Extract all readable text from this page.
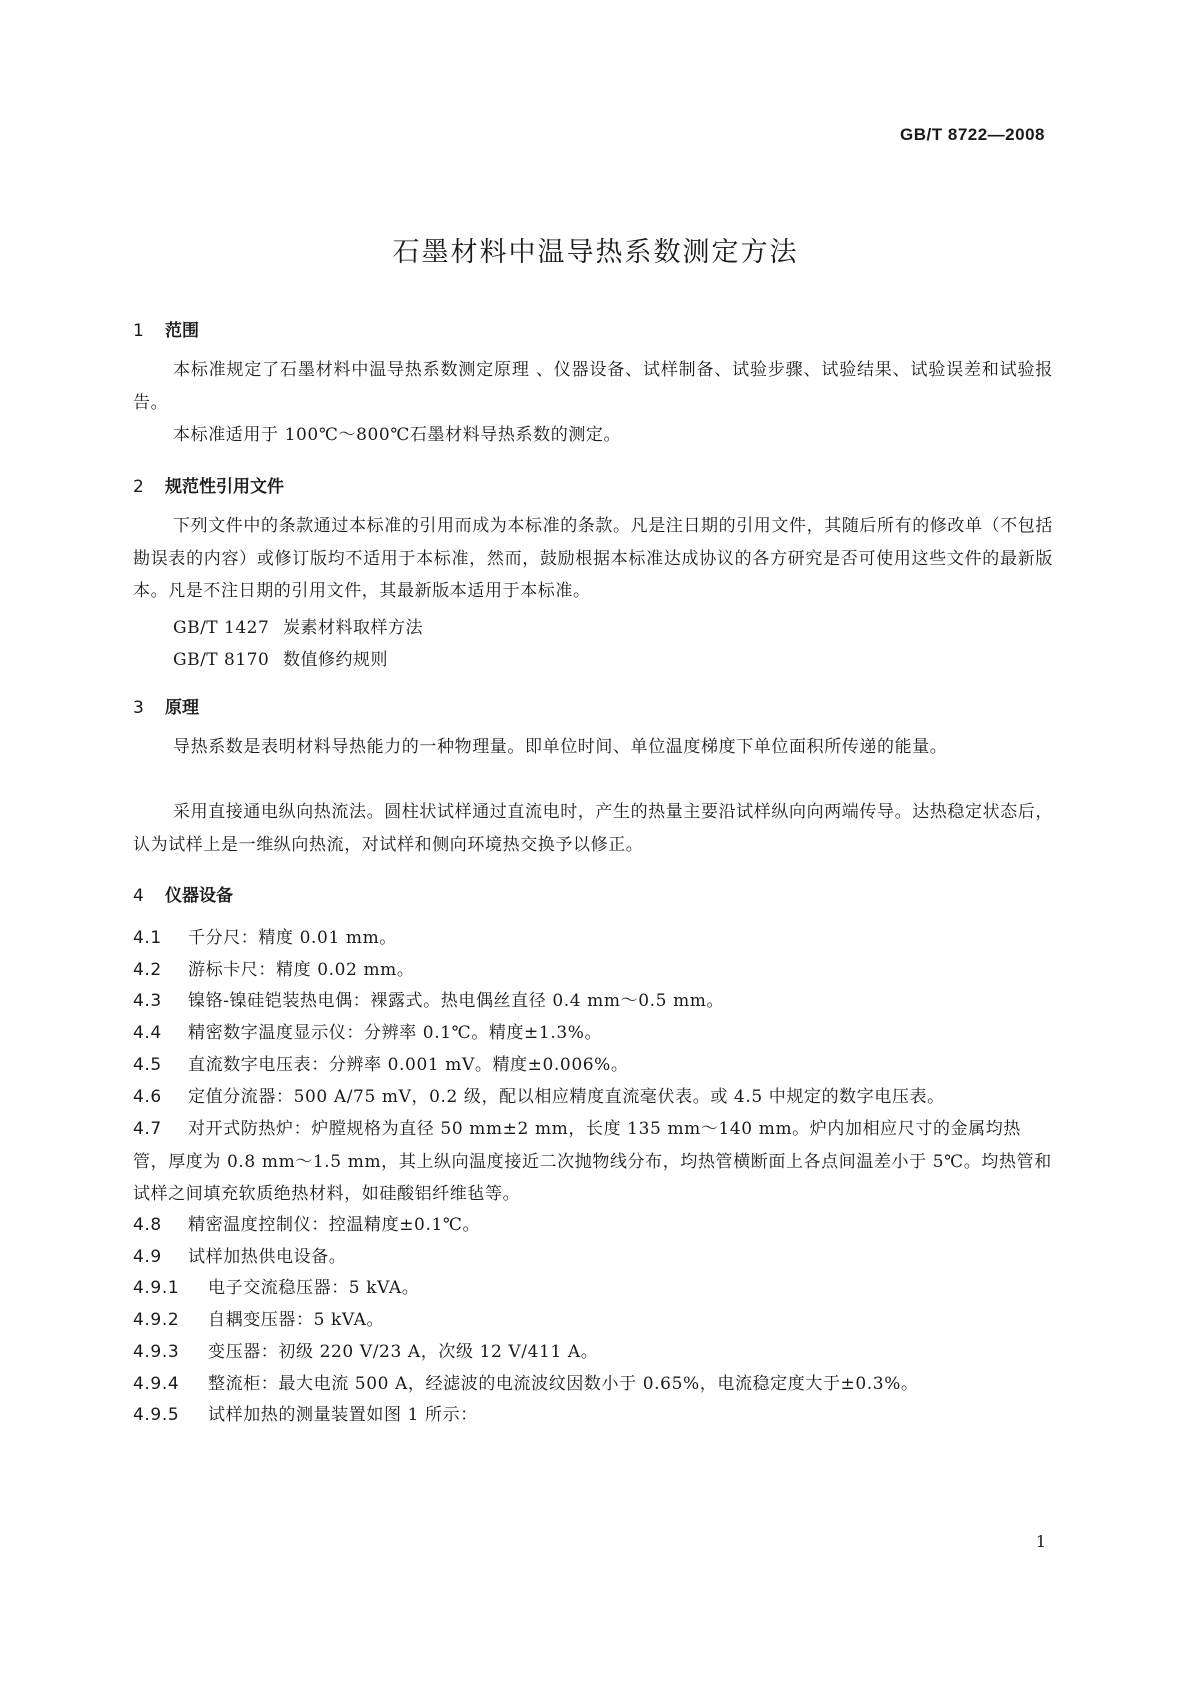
GB/T 8722—2008
石墨材料中温导热系数测定方法
1 范围
本标准规定了石墨材料中温导热系数测定原理 、仪器设备、试样制备、试验步骤、试验结果、试验误差和试验报告。
本标准适用于 100℃～800℃石墨材料导热系数的测定。
2 规范性引用文件
下列文件中的条款通过本标准的引用而成为本标准的条款。凡是注日期的引用文件，其随后所有的修改单（不包括勘误表的内容）或修订版均不适用于本标准，然而，鼓励根据本标准达成协议的各方研究是否可使用这些文件的最新版本。凡是不注日期的引用文件，其最新版本适用于本标准。
GB/T 1427 炭素材料取样方法
GB/T 8170 数值修约规则
3 原理
导热系数是表明材料导热能力的一种物理量。即单位时间、单位温度梯度下单位面积所传递的能量。
采用直接通电纵向热流法。圆柱状试样通过直流电时，产生的热量主要沿试样纵向向两端传导。达热稳定状态后，认为试样上是一维纵向热流，对试样和侧向环境热交换予以修正。
4 仪器设备
4.1 千分尺：精度 0.01 mm。
4.2 游标卡尺：精度 0.02 mm。
4.3 镍铬-镍硅铠装热电偶：裸露式。热电偶丝直径 0.4 mm～0.5 mm。
4.4 精密数字温度显示仪：分辨率 0.1℃。精度±1.3%。
4.5 直流数字电压表：分辨率 0.001 mV。精度±0.006%。
4.6 定值分流器：500 A/75 mV，0.2 级，配以相应精度直流毫伏表。或 4.5 中规定的数字电压表。
4.7 对开式防热炉：炉膛规格为直径 50 mm±2 mm，长度 135 mm～140 mm。炉内加相应尺寸的金属均热管，厚度为 0.8 mm～1.5 mm，其上纵向温度接近二次抛物线分布，均热管横断面上各点间温差小于 5℃。均热管和试样之间填充软质绝热材料，如硅酸铝纤维毡等。
4.8 精密温度控制仪：控温精度±0.1℃。
4.9 试样加热供电设备。
4.9.1 电子交流稳压器：5 kVA。
4.9.2 自耦变压器：5 kVA。
4.9.3 变压器：初级 220 V/23 A，次级 12 V/411 A。
4.9.4 整流柜：最大电流 500 A，经滤波的电流波纹因数小于 0.65%，电流稳定度大于±0.3%。
4.9.5 试样加热的测量装置如图 1 所示：
1
